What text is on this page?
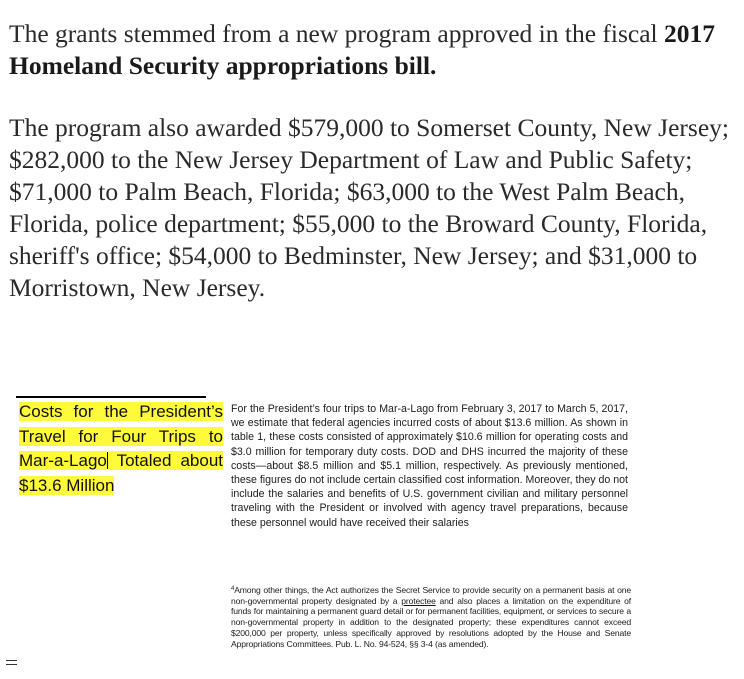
The grants stemmed from a new program approved in the fiscal 2017 Homeland Security appropriations bill.

The program also awarded $579,000 to Somerset County, New Jersey; $282,000 to the New Jersey Department of Law and Public Safety; $71,000 to Palm Beach, Florida; $63,000 to the West Palm Beach, Florida, police department; $55,000 to the Broward County, Florida, sheriff's office; $54,000 to Bedminster, New Jersey; and $31,000 to Morristown, New Jersey.

Costs for the President’s Travel for Four Trips to Mar-a-Lago Totaled about $13.6 Million
For the President’s four trips to Mar-a-Lago from February 3, 2017 to March 5, 2017, we estimate that federal agencies incurred costs of about $13.6 million. As shown in table 1, these costs consisted of approximately $10.6 million for operating costs and $3.0 million for temporary duty costs. DOD and DHS incurred the majority of these costs—about $8.5 million and $5.1 million, respectively. As previously mentioned, these figures do not include certain classified cost information. Moreover, they do not include the salaries and benefits of U.S. government civilian and military personnel traveling with the President or involved with agency travel preparations, because these personnel would have received their salaries
$^4$Among other things, the Act authorizes the Secret Service to provide security on a permanent basis at one non-governmental property designated by a protectee and also places a limitation on the expenditure of funds for maintaining a permanent guard detail or for permanent facilities, equipment, or services to secure a non-governmental property in addition to the designated property; these expenditures cannot exceed $200,000 per property, unless specifically approved by resolutions adopted by the House and Senate Appropriations Committees. Pub. L. No. 94-524, §§ 3-4 (as amended).
